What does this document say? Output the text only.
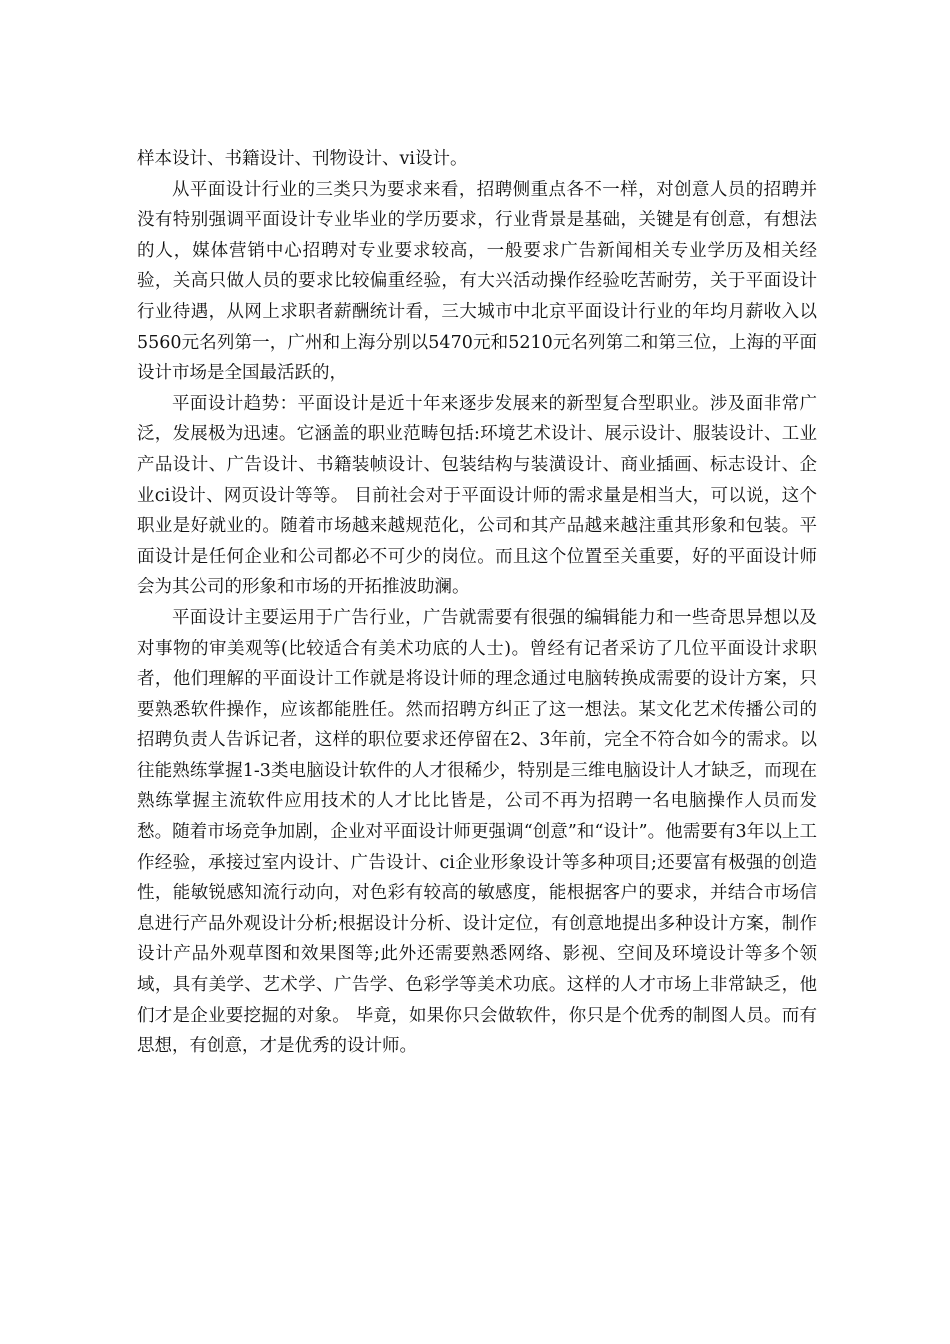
样本设计、书籍设计、刊物设计、vi设计。

从平面设计行业的三类只为要求来看，招聘侧重点各不一样，对创意人员的招聘并没有特别强调平面设计专业毕业的学历要求，行业背景是基础，关键是有创意，有想法的人，媒体营销中心招聘对专业要求较高，一般要求广告新闻相关专业学历及相关经验，关高只做人员的要求比较偏重经验，有大兴活动操作经验吃苦耐劳，关于平面设计行业待遇，从网上求职者薪酬统计看，三大城市中北京平面设计行业的年均月薪收入以5560元名列第一，广州和上海分别以5470元和5210元名列第二和第三位，上海的平面设计市场是全国最活跃的，

平面设计趋势：平面设计是近十年来逐步发展来的新型复合型职业。涉及面非常广泛，发展极为迅速。它涵盖的职业范畴包括:环境艺术设计、展示设计、服装设计、工业产品设计、广告设计、书籍装帧设计、包装结构与装潢设计、商业插画、标志设计、企业ci设计、网页设计等等。 目前社会对于平面设计师的需求量是相当大，可以说，这个职业是好就业的。随着市场越来越规范化，公司和其产品越来越注重其形象和包装。平面设计是任何企业和公司都必不可少的岗位。而且这个位置至关重要，好的平面设计师会为其公司的形象和市场的开拓推波助澜。

平面设计主要运用于广告行业，广告就需要有很强的编辑能力和一些奇思异想以及对事物的审美观等(比较适合有美术功底的人士)。曾经有记者采访了几位平面设计求职者，他们理解的平面设计工作就是将设计师的理念通过电脑转换成需要的设计方案，只要熟悉软件操作，应该都能胜任。然而招聘方纠正了这一想法。某文化艺术传播公司的招聘负责人告诉记者，这样的职位要求还停留在2、3年前，完全不符合如今的需求。以往能熟练掌握1-3类电脑设计软件的人才很稀少，特别是三维电脑设计人才缺乏，而现在熟练掌握主流软件应用技术的人才比比皆是，公司不再为招聘一名电脑操作人员而发愁。随着市场竞争加剧，企业对平面设计师更强调“创意”和“设计”。他需要有3年以上工作经验，承接过室内设计、广告设计、ci企业形象设计等多种项目;还要富有极强的创造性，能敏锐感知流行动向，对色彩有较高的敏感度，能根据客户的要求，并结合市场信息进行产品外观设计分析;根据设计分析、设计定位，有创意地提出多种设计方案，制作设计产品外观草图和效果图等;此外还需要熟悉网络、影视、空间及环境设计等多个领域，具有美学、艺术学、广告学、色彩学等美术功底。这样的人才市场上非常缺乏，他们才是企业要挖掘的对象。 毕竟，如果你只会做软件，你只是个优秀的制图人员。而有思想，有创意，才是优秀的设计师。
